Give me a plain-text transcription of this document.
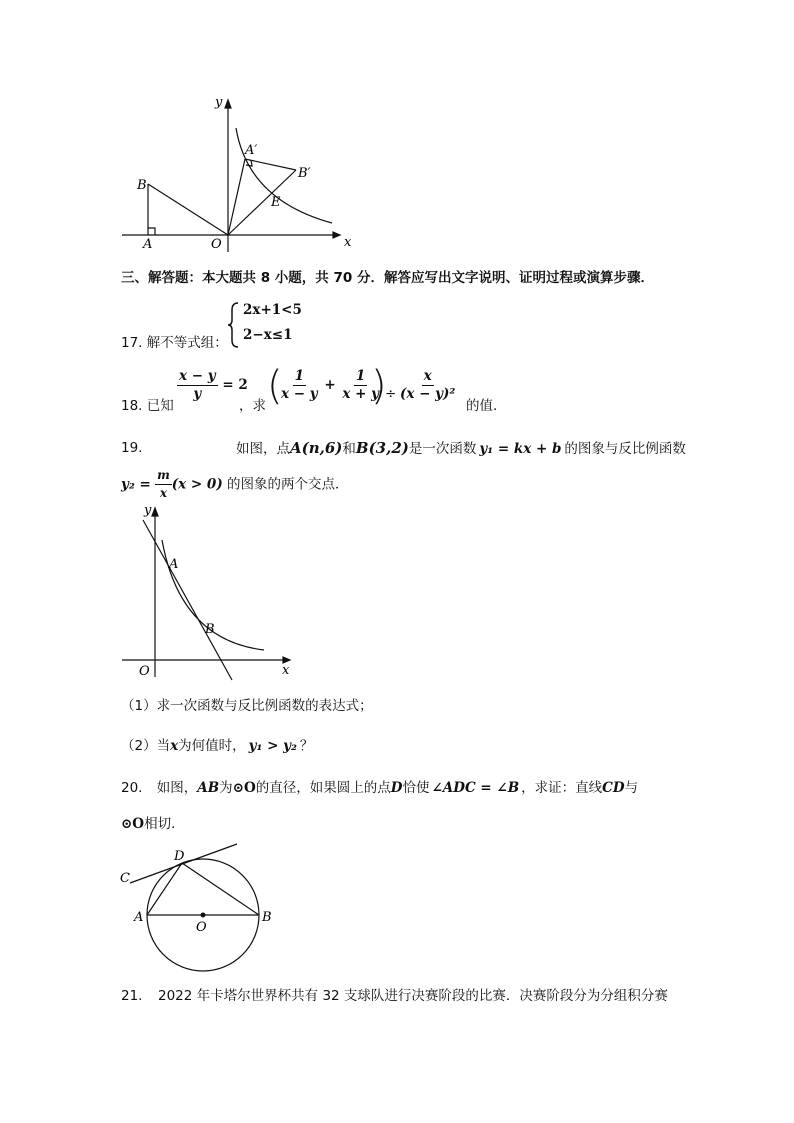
y
x
A′
B′
B
E
A	O
三、解答题：本大题共 8 小题，共 70 分．解答应写出文字说明、证明过程或演算步骤．
17. 解不等式组：
2x+1<5
2−x≤1
18. 已知
$\frac{x - y}{y} = 2$
，求 (
$\frac{1}{x - y} + \frac{1}{x + y}$
)
÷ $\frac{x}{\text{(x − y)²}}$
的值．
19.	如图，点A(n,6)和B(3,2)是一次函数 y₁ = kx + b 的图象与反比例函数
$y_2 = \frac{m}{x} (x > 0)$ 的图象的两个交点．
y
x
A
B
O
（1）求一次函数与反比例函数的表达式；
（2）当x为何值时， y₁ > y₂ ？
20. 如图，AB为⊙O的直径，如果圆上的点D恰使 ∠ADC = ∠B ，求证：直线CD与
⊙O相切．
C
D
A	B
O
21. 2022 年卡塔尔世界杯共有 32 支球队进行决赛阶段的比赛．决赛阶段分为分组积分赛
